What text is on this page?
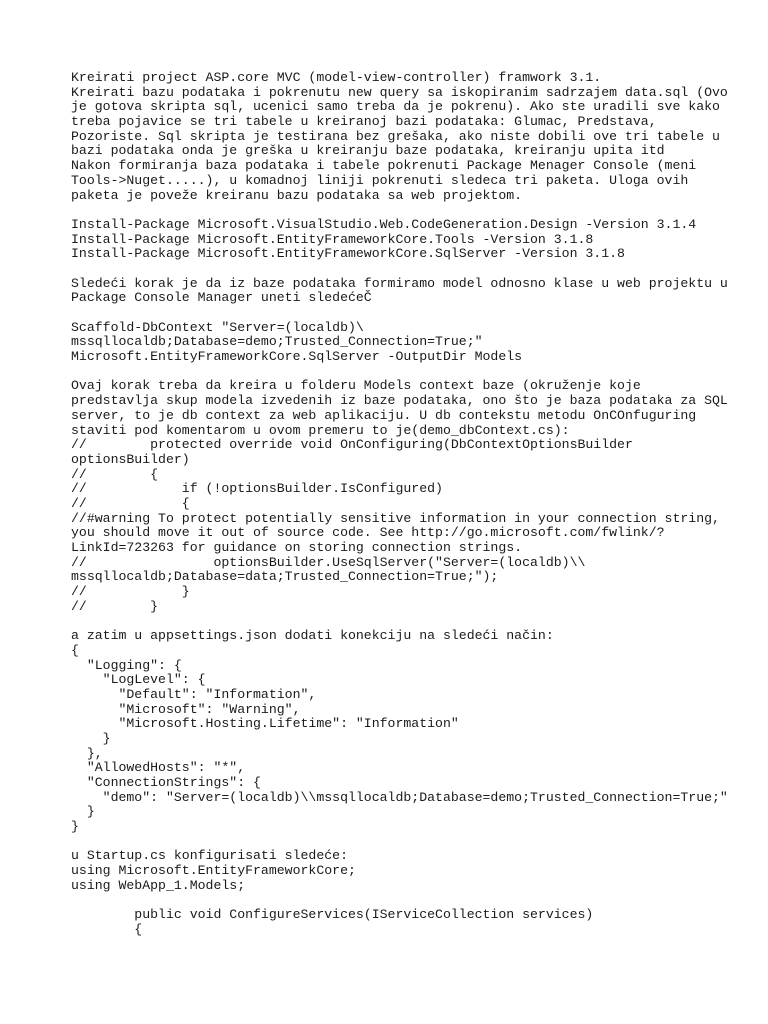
Kreirati project ASP.core MVC (model-view-controller) framwork 3.1.
Kreirati bazu podataka i pokrenutu new query sa iskopiranim sadrzajem data.sql (Ovo
je gotova skripta sql, ucenici samo treba da je pokrenu). Ako ste uradili sve kako
treba pojavice se tri tabele u kreiranoj bazi podataka: Glumac, Predstava,
Pozoriste. Sql skripta je testirana bez grešaka, ako niste dobili ove tri tabele u
bazi podataka onda je greška u kreiranju baze podataka, kreiranju upita itd
Nakon formiranja baza podataka i tabele pokrenuti Package Menager Console (meni
Tools->Nuget.....), u komadnoj liniji pokrenuti sledeca tri paketa. Uloga ovih
paketa je poveže kreiranu bazu podataka sa web projektom.
Install-Package Microsoft.VisualStudio.Web.CodeGeneration.Design -Version 3.1.4
Install-Package Microsoft.EntityFrameworkCore.Tools -Version 3.1.8
Install-Package Microsoft.EntityFrameworkCore.SqlServer -Version 3.1.8
Sledeći korak je da iz baze podataka formiramo model odnosno klase u web projektu u
Package Console Manager uneti sledećeČ
Scaffold-DbContext "Server=(localdb)\
mssqllocaldb;Database=demo;Trusted_Connection=True;"
Microsoft.EntityFrameworkCore.SqlServer -OutputDir Models
Ovaj korak treba da kreira u folderu Models context baze (okruženje koje
predstavlja skup modela izvedenih iz baze podataka, ono što je baza podataka za SQL
server, to je db context za web aplikaciju. U db contekstu metodu OnCOnfuguring
staviti pod komentarom u ovom premeru to je(demo_dbContext.cs):
//        protected override void OnConfiguring(DbContextOptionsBuilder
optionsBuilder)
//        {
//            if (!optionsBuilder.IsConfigured)
//            {
//#warning To protect potentially sensitive information in your connection string,
you should move it out of source code. See http://go.microsoft.com/fwlink/?
LinkId=723263 for guidance on storing connection strings.
//                optionsBuilder.UseSqlServer("Server=(localdb)\\
mssqllocaldb;Database=data;Trusted_Connection=True;");
//            }
//        }
a zatim u appsettings.json dodati konekciju na sledeći način:
{
"Logging": {
"LogLevel": {
"Default": "Information",
"Microsoft": "Warning",
"Microsoft.Hosting.Lifetime": "Information"
}
},
"AllowedHosts": "*",
"ConnectionStrings": {
"demo": "Server=(localdb)\\mssqllocaldb;Database=demo;Trusted_Connection=True;"
}
}
u Startup.cs konfigurisati sledeće:
using Microsoft.EntityFrameworkCore;
using WebApp_1.Models;
public void ConfigureServices(IServiceCollection services)
{
